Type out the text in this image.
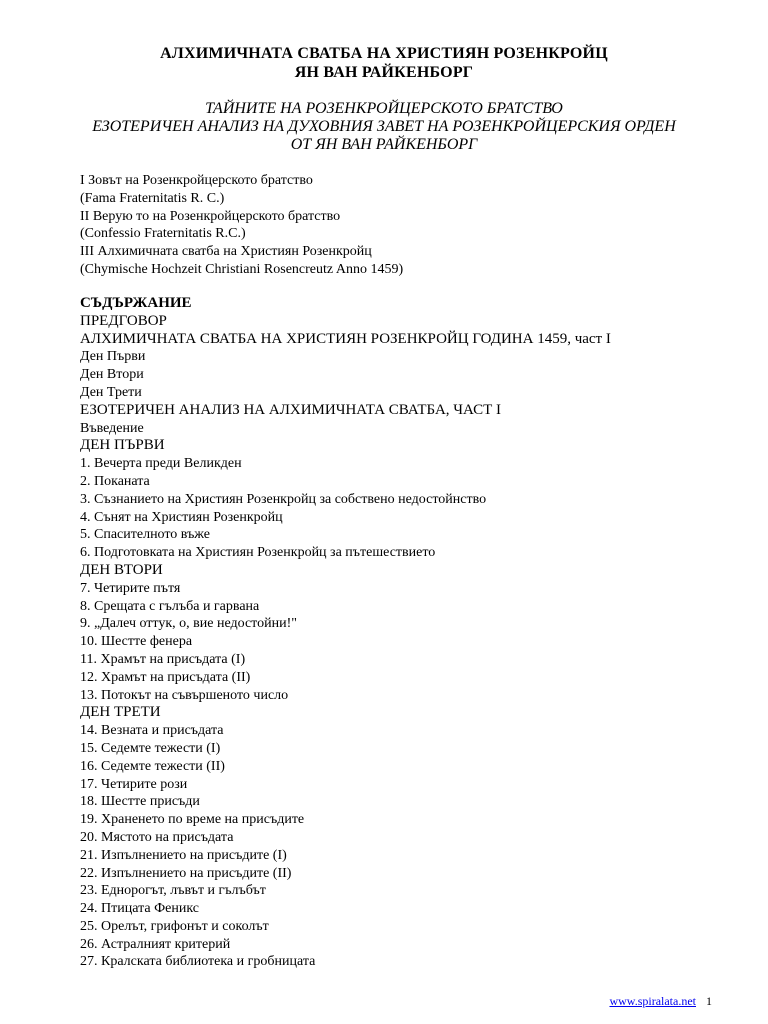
АЛХИМИЧНАТА СВАТБА НА ХРИСТИЯН РОЗЕНКРОЙЦ
ЯН ВАН РАЙКЕНБОРГ
ТАЙНИТЕ НА РОЗЕНКРОЙЦЕРСКОТО БРАТСТВО
ЕЗОТЕРИЧЕН АНАЛИЗ НА ДУХОВНИЯ ЗАВЕТ НА РОЗЕНКРОЙЦЕРСКИЯ ОРДЕН
ОТ ЯН ВАН РАЙКЕНБОРГ
I Зовът на Розенкройцерското братство
(Fama Fraternitatis R. C.)
II Верую то на Розенкройцерското братство
(Confessio Fraternitatis R.C.)
III Алхимичната сватба на Християн Розенкройц
(Chymische Hochzeit Christiani Rosencreutz Anno 1459)
СЪДЪРЖАНИЕ
ПРЕДГОВОР
АЛХИМИЧНАТА СВАТБА НА ХРИСТИЯН РОЗЕНКРОЙЦ ГОДИНА 1459, част I
Ден Първи
Ден Втори
Ден Трети
ЕЗОТЕРИЧЕН АНАЛИЗ НА АЛХИМИЧНАТА СВАТБА, ЧАСТ I
Въведение
ДЕН ПЪРВИ
1. Вечерта преди Великден
2. Поканата
3. Съзнанието на Християн Розенкройц за собствено недостойнство
4. Сънят на Християн Розенкройц
5. Спасителното въже
6. Подготовката на Християн Розенкройц за пътешествието
ДЕН ВТОРИ
7. Четирите пътя
8. Срещата с гълъба и гарвана
9. „Далеч оттук, о, вие недостойни!"
10. Шестте фенера
11. Храмът на присъдата (I)
12. Храмът на присъдата (II)
13. Потокът на съвършеното число
ДЕН ТРЕТИ
14. Везната и присъдата
15. Седемте тежести (I)
16. Седемте тежести (II)
17. Четирите рози
18. Шестте присъди
19. Храненето по време на присъдите
20. Мястото на присъдата
21. Изпълнението на присъдите (I)
22. Изпълнението на присъдите (II)
23. Еднорогът, лъвът и гълъбът
24. Птицата Феникс
25. Орелът, грифонът и соколът
26. Астралният критерий
27. Кралската библиотека и гробницата
www.spiralata.net 1
